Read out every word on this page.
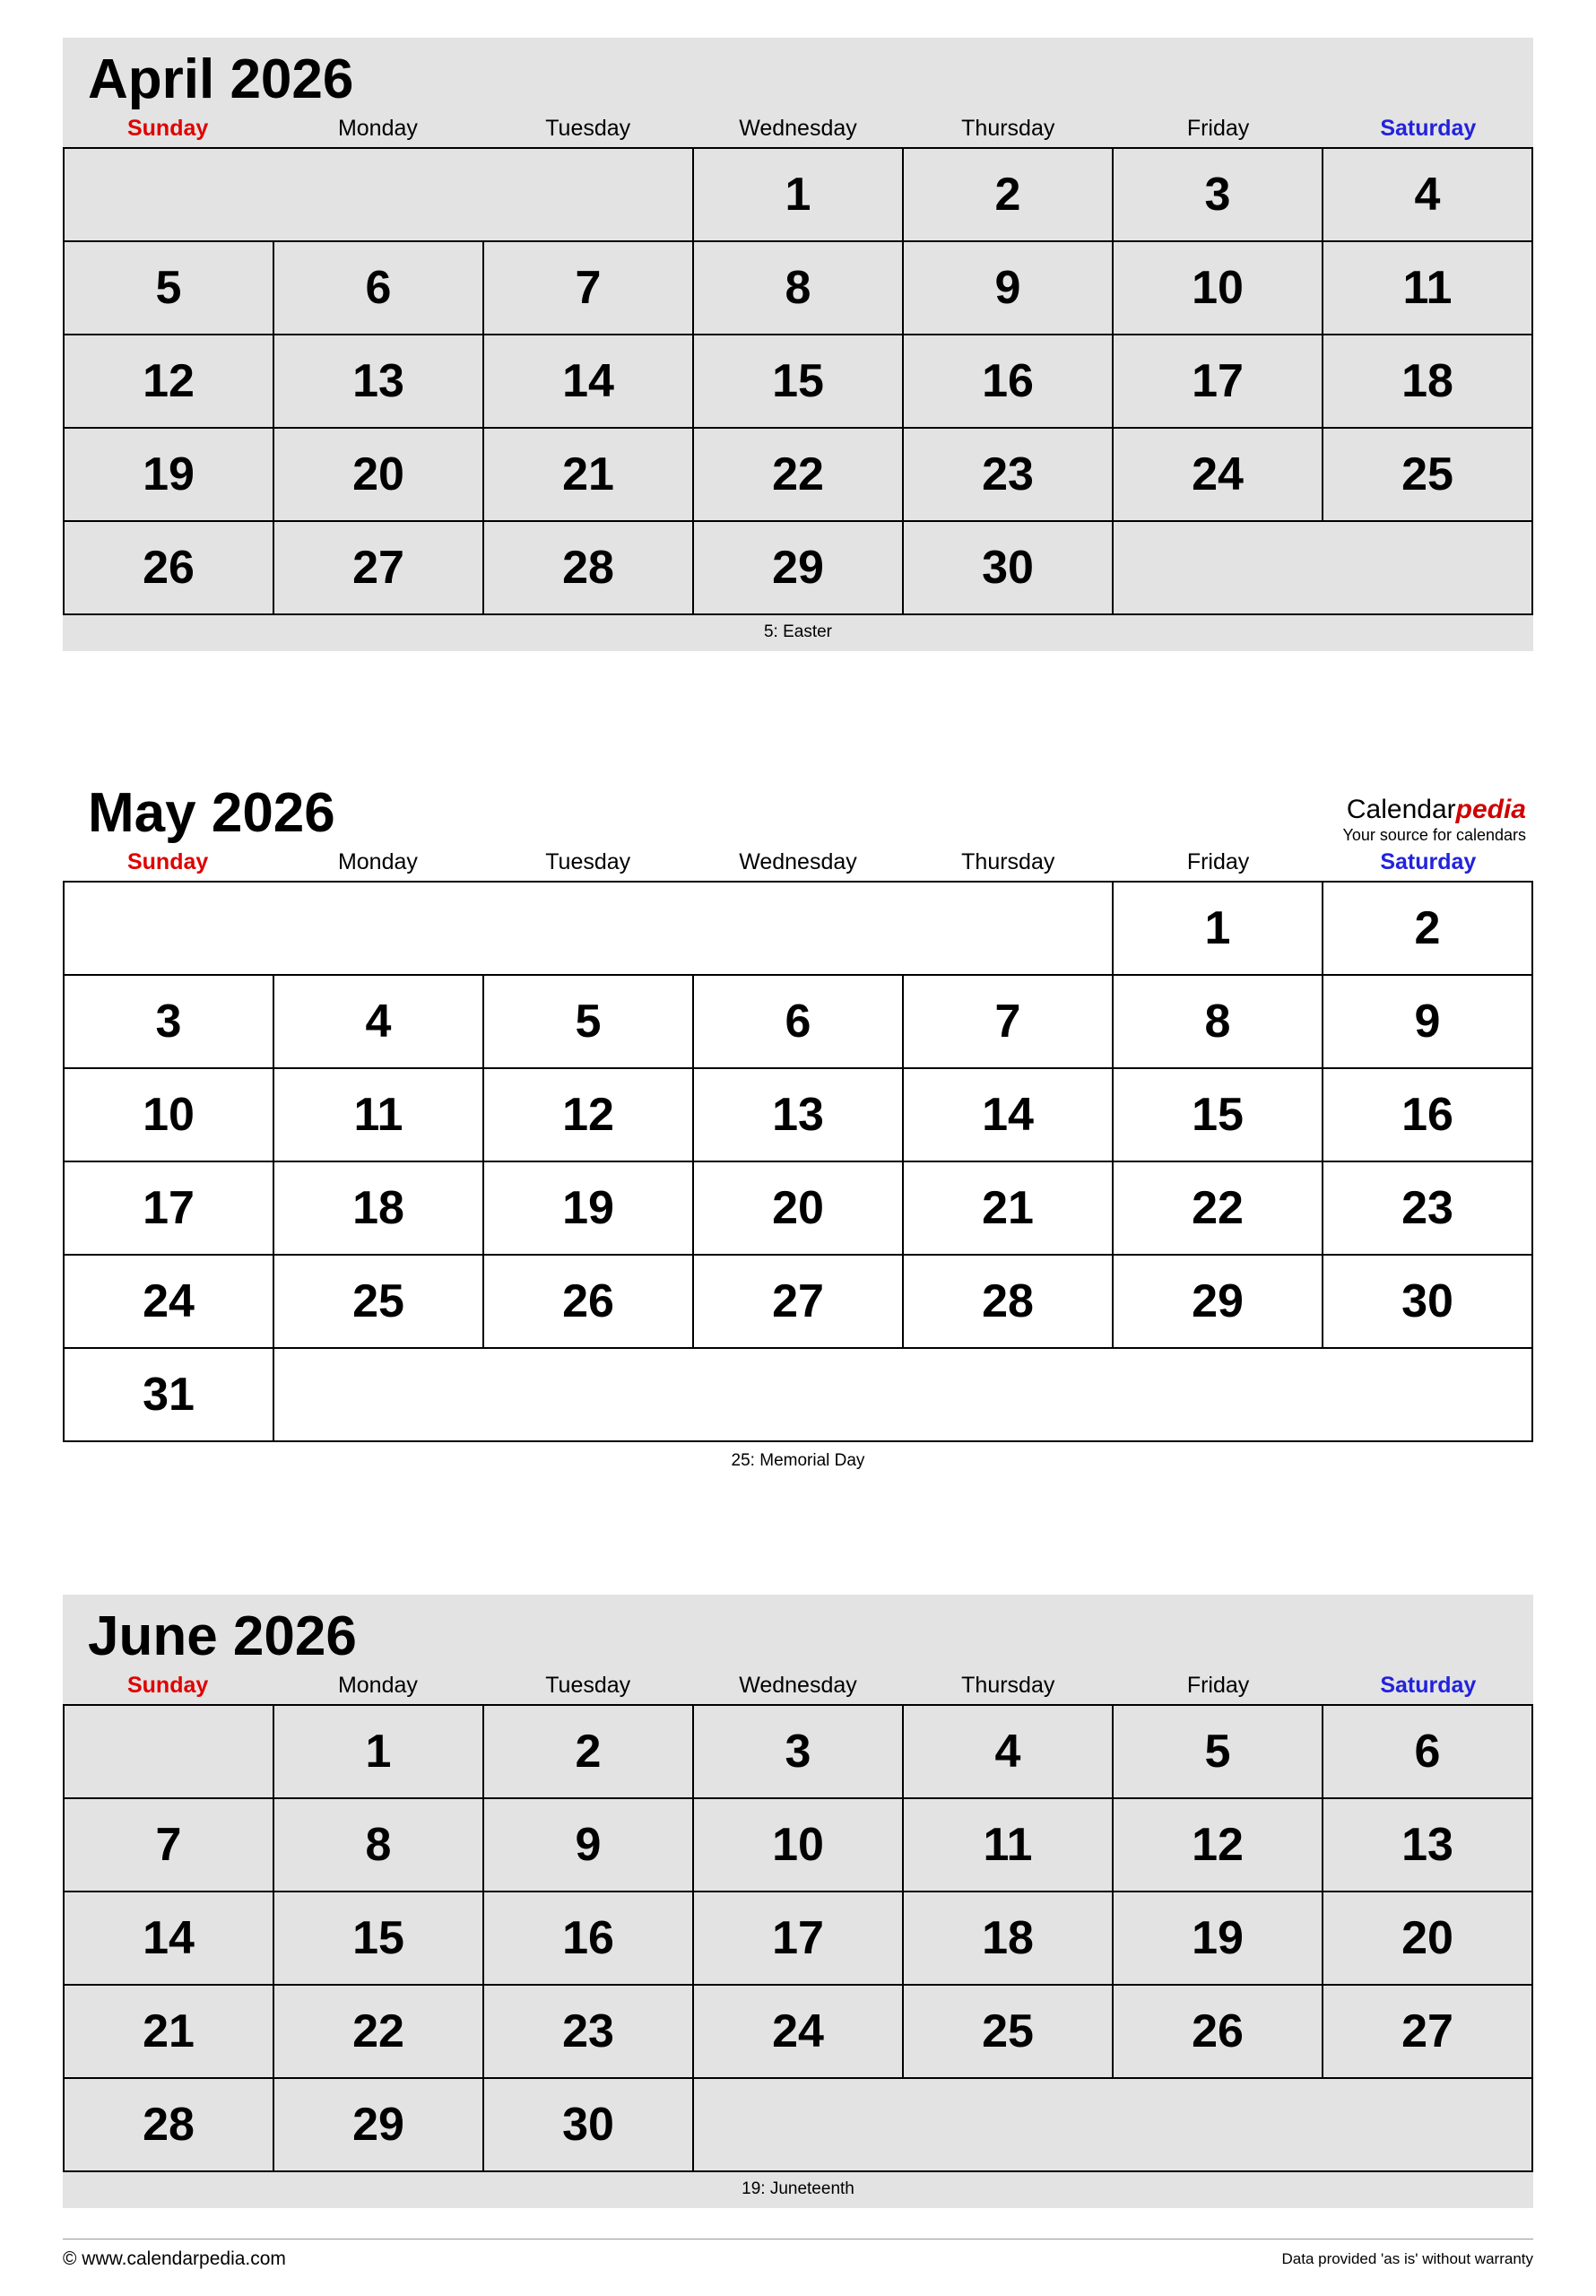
April 2026
Sunday	Monday	Tuesday	Wednesday	Thursday	Friday	Saturday
			1	2	3	4
5	6	7	8	9	10	11
12	13	14	15	16	17	18
19	20	21	22	23	24	25
26	27	28	29	30		
5: Easter
Calendarpedia
Your source for calendars
May 2026
Sunday	Monday	Tuesday	Wednesday	Thursday	Friday	Saturday
					1	2
3	4	5	6	7	8	9
10	11	12	13	14	15	16
17	18	19	20	21	22	23
24	25	26	27	28	29	30
31						
25: Memorial Day
June 2026
Sunday	Monday	Tuesday	Wednesday	Thursday	Friday	Saturday
	1	2	3	4	5	6
7	8	9	10	11	12	13
14	15	16	17	18	19	20
21	22	23	24	25	26	27
28	29	30				
19: Juneteenth
© www.calendarpedia.com	Data provided 'as is' without warranty
